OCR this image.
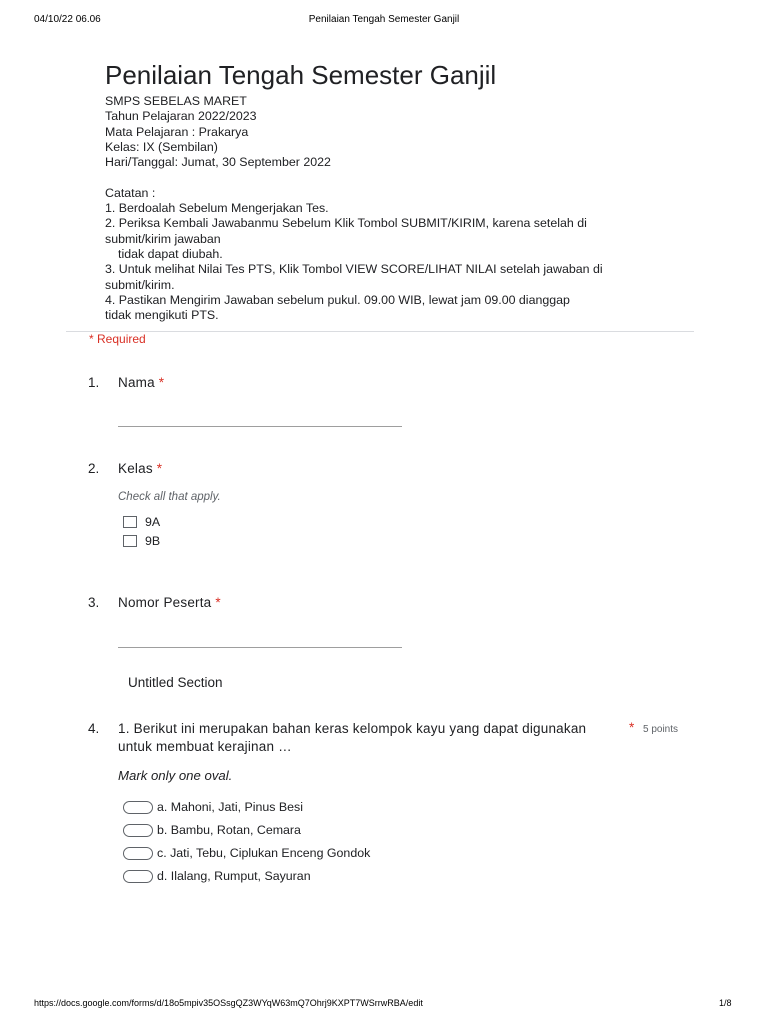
04/10/22 06.06	Penilaian Tengah Semester Ganjil
Penilaian Tengah Semester Ganjil
SMPS SEBELAS MARET
Tahun Pelajaran 2022/2023
Mata Pelajaran : Prakarya
Kelas: IX (Sembilan)
Hari/Tanggal: Jumat, 30 September 2022
Catatan :
1. Berdoalah Sebelum Mengerjakan Tes.
2. Periksa Kembali Jawabanmu Sebelum Klik Tombol SUBMIT/KIRIM, karena setelah di
submit/kirim jawaban
tidak dapat diubah.
3. Untuk melihat Nilai Tes PTS, Klik Tombol VIEW SCORE/LIHAT NILAI setelah jawaban di
submit/kirim.
4. Pastikan Mengirim Jawaban sebelum pukul. 09.00 WIB, lewat jam 09.00 dianggap
tidak mengikuti PTS.
* Required
1. Nama *
2. Kelas *
Check all that apply.
9A
9B
3. Nomor Peserta *
Untitled Section
4. 1. Berikut ini merupakan bahan keras kelompok kayu yang dapat digunakan	* 5 points
untuk membuat kerajinan …
Mark only one oval.
a. Mahoni, Jati, Pinus Besi
b. Bambu, Rotan, Cemara
c. Jati, Tebu, Ciplukan Enceng Gondok
d. Ilalang, Rumput, Sayuran
https://docs.google.com/forms/d/18o5mpiv35OSsgQZ3WYqW63mQ7Ohrj9KXPT7WSrrwRBA/edit	1/8
